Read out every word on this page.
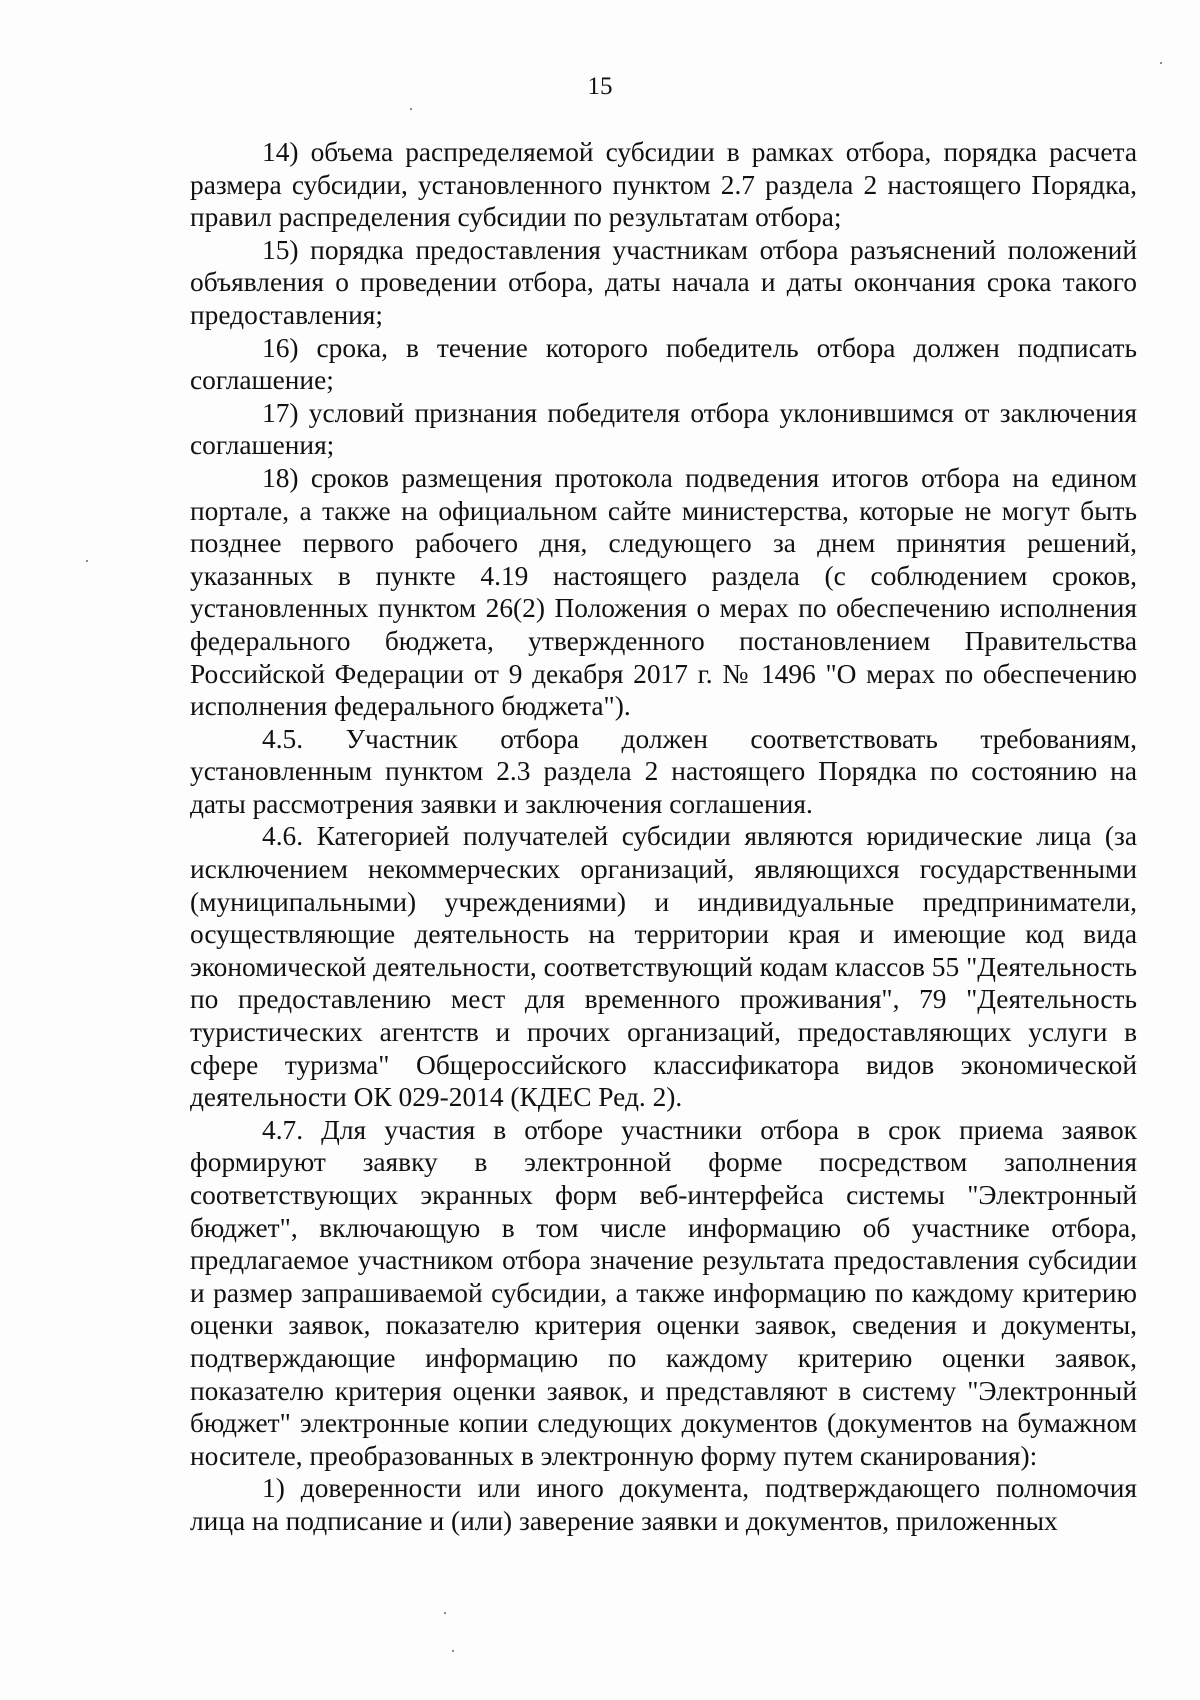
15

14) объема распределяемой субсидии в рамках отбора, порядка расчета размера субсидии, установленного пунктом 2.7 раздела 2 настоящего Порядка, правил распределения субсидии по результатам отбора;

15) порядка предоставления участникам отбора разъяснений положений объявления о проведении отбора, даты начала и даты окончания срока такого предоставления;

16) срока, в течение которого победитель отбора должен подписать соглашение;

17) условий признания победителя отбора уклонившимся от заключения соглашения;

18) сроков размещения протокола подведения итогов отбора на едином портале, а также на официальном сайте министерства, которые не могут быть позднее первого рабочего дня, следующего за днем принятия решений, указанных в пункте 4.19 настоящего раздела (с соблюдением сроков, установленных пунктом 26(2) Положения о мерах по обеспечению исполнения федерального бюджета, утвержденного постановлением Правительства Российской Федерации от 9 декабря 2017 г. № 1496 "О мерах по обеспечению исполнения федерального бюджета").

4.5. Участник отбора должен соответствовать требованиям, установленным пунктом 2.3 раздела 2 настоящего Порядка по состоянию на даты рассмотрения заявки и заключения соглашения.

4.6. Категорией получателей субсидии являются юридические лица (за исключением некоммерческих организаций, являющихся государственными (муниципальными) учреждениями) и индивидуальные предприниматели, осуществляющие деятельность на территории края и имеющие код вида экономической деятельности, соответствующий кодам классов 55 "Деятельность по предоставлению мест для временного проживания", 79 "Деятельность туристических агентств и прочих организаций, предоставляющих услуги в сфере туризма" Общероссийского классификатора видов экономической деятельности ОК 029-2014 (КДЕС Ред. 2).

4.7. Для участия в отборе участники отбора в срок приема заявок формируют заявку в электронной форме посредством заполнения соответствующих экранных форм веб-интерфейса системы "Электронный бюджет", включающую в том числе информацию об участнике отбора, предлагаемое участником отбора значение результата предоставления субсидии и размер запрашиваемой субсидии, а также информацию по каждому критерию оценки заявок, показателю критерия оценки заявок, сведения и документы, подтверждающие информацию по каждому критерию оценки заявок, показателю критерия оценки заявок, и представляют в систему "Электронный бюджет" электронные копии следующих документов (документов на бумажном носителе, преобразованных в электронную форму путем сканирования):

1) доверенности или иного документа, подтверждающего полномочия лица на подписание и (или) заверение заявки и документов, приложенных
